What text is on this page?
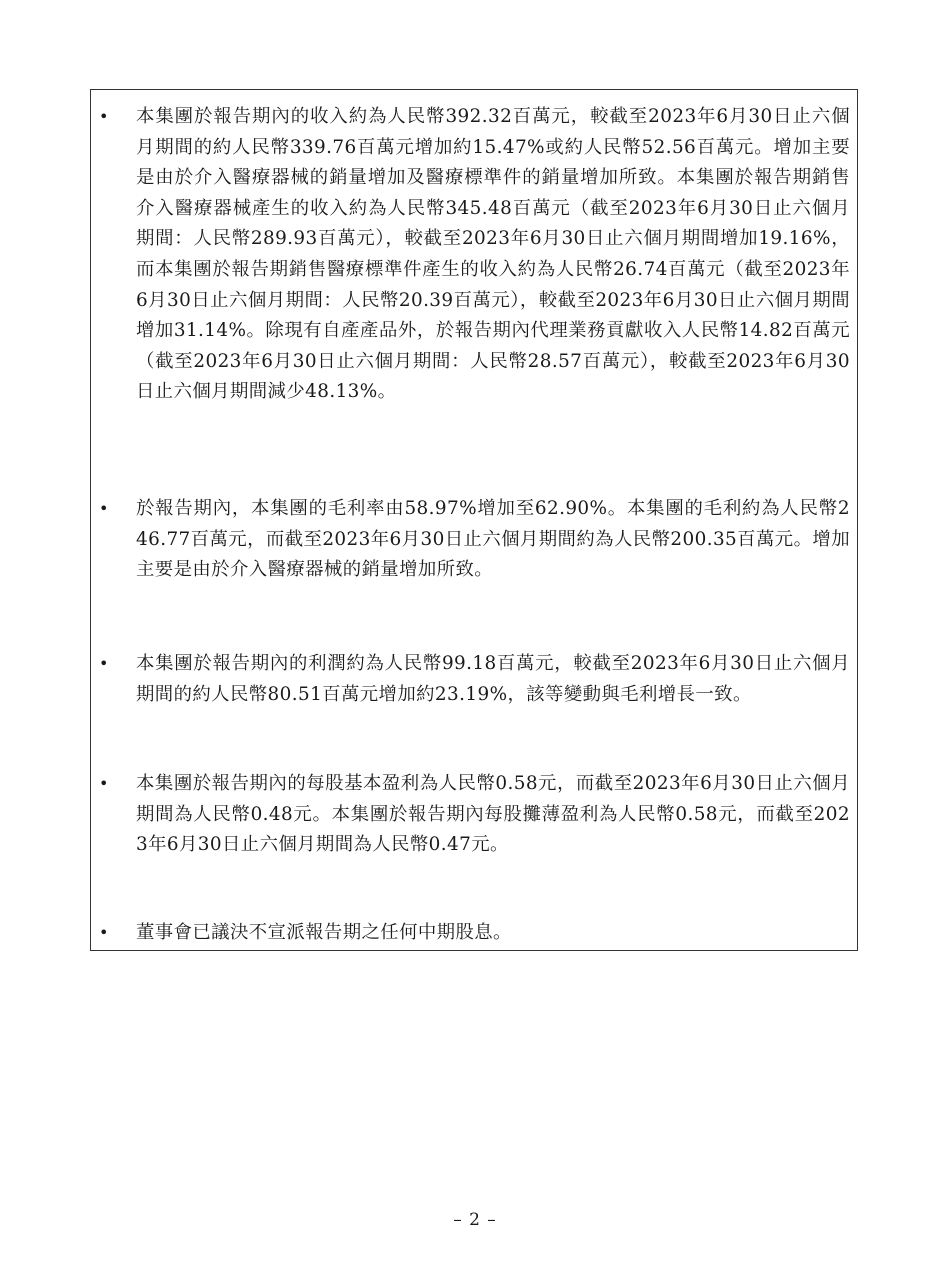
• 本集團於報告期內的收入約為人民幣392.32百萬元，較截至2023年6月30日止六個月期間的約人民幣339.76百萬元增加約15.47%或約人民幣52.56百萬元。增加主要是由於介入醫療器械的銷量增加及醫療標準件的銷量增加所致。本集團於報告期銷售介入醫療器械產生的收入約為人民幣345.48百萬元（截至2023年6月30日止六個月期間：人民幣289.93百萬元），較截至2023年6月30日止六個月期間增加19.16%，而本集團於報告期銷售醫療標準件產生的收入約為人民幣26.74百萬元（截至2023年6月30日止六個月期間：人民幣20.39百萬元），較截至2023年6月30日止六個月期間增加31.14%。除現有自產產品外，於報告期內代理業務貢獻收入人民幣14.82百萬元（截至2023年6月30日止六個月期間：人民幣28.57百萬元），較截至2023年6月30日止六個月期間減少48.13%。

• 於報告期內，本集團的毛利率由58.97%增加至62.90%。本集團的毛利約為人民幣246.77百萬元，而截至2023年6月30日止六個月期間約為人民幣200.35百萬元。增加主要是由於介入醫療器械的銷量增加所致。

• 本集團於報告期內的利潤約為人民幣99.18百萬元，較截至2023年6月30日止六個月期間的約人民幣80.51百萬元增加約23.19%，該等變動與毛利增長一致。

• 本集團於報告期內的每股基本盈利為人民幣0.58元，而截至2023年6月30日止六個月期間為人民幣0.48元。本集團於報告期內每股攤薄盈利為人民幣0.58元，而截至2023年6月30日止六個月期間為人民幣0.47元。

• 董事會已議決不宣派報告期之任何中期股息。

– 2 –
